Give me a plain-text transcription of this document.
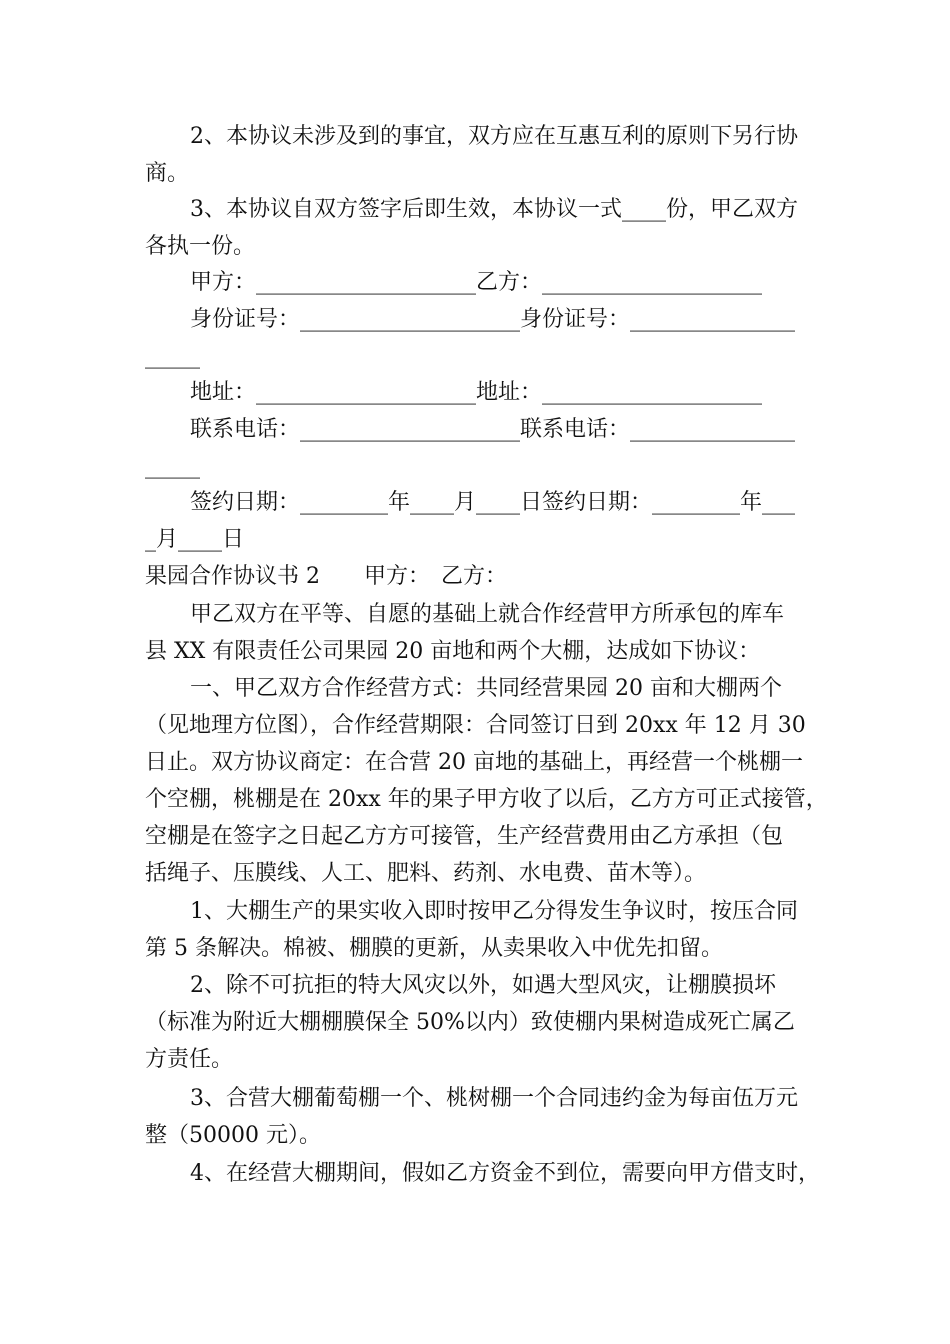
2、本协议未涉及到的事宜，双方应在互惠互利的原则下另行协
商。
3、本协议自双方签字后即生效，本协议一式____份，甲乙双方
各执一份。
甲方：____________________乙方：____________________
身份证号：____________________身份证号：_______________
_____
地址：____________________地址：____________________
联系电话：____________________联系电话：_______________
_____
签约日期：________年____月____日签约日期：________年___
_月____日
果园合作协议书 2　　甲方：　乙方：
甲乙双方在平等、自愿的基础上就合作经营甲方所承包的库车
县 XX 有限责任公司果园 20 亩地和两个大棚，达成如下协议：
一、甲乙双方合作经营方式：共同经营果园 20 亩和大棚两个
（见地理方位图），合作经营期限：合同签订日到 20xx 年 12 月 30
日止。双方协议商定：在合营 20 亩地的基础上，再经营一个桃棚一
个空棚，桃棚是在 20xx 年的果子甲方收了以后，乙方方可正式接管，
空棚是在签字之日起乙方方可接管，生产经营费用由乙方承担（包
括绳子、压膜线、人工、肥料、药剂、水电费、苗木等）。
1、大棚生产的果实收入即时按甲乙分得发生争议时，按压合同
第 5 条解决。棉被、棚膜的更新，从卖果收入中优先扣留。
2、除不可抗拒的特大风灾以外，如遇大型风灾，让棚膜损坏
（标准为附近大棚棚膜保全 50%以内）致使棚内果树造成死亡属乙
方责任。
3、合营大棚葡萄棚一个、桃树棚一个合同违约金为每亩伍万元
整（50000 元）。
4、在经营大棚期间，假如乙方资金不到位，需要向甲方借支时，
